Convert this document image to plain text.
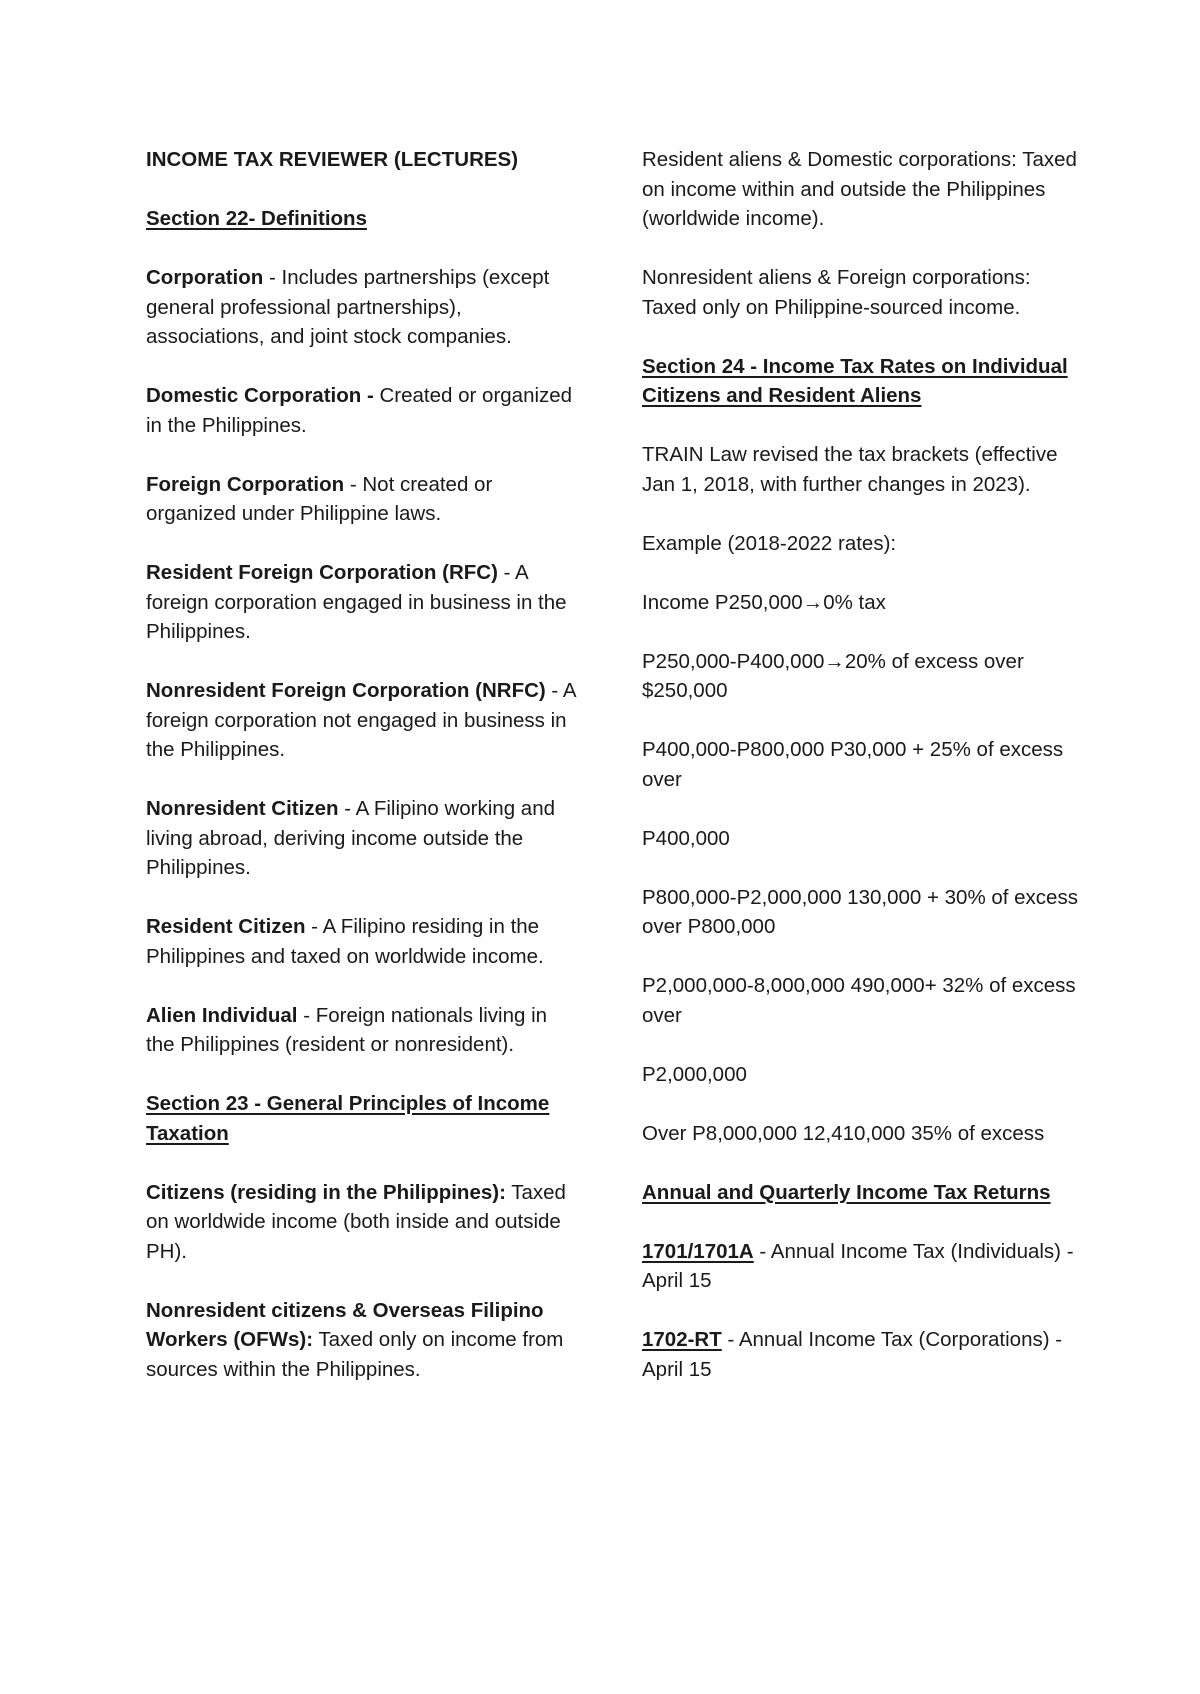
INCOME TAX REVIEWER (LECTURES)
Section 22- Definitions
Corporation - Includes partnerships (except general professional partnerships), associations, and joint stock companies.
Domestic Corporation - Created or organized in the Philippines.
Foreign Corporation - Not created or organized under Philippine laws.
Resident Foreign Corporation (RFC) - A foreign corporation engaged in business in the Philippines.
Nonresident Foreign Corporation (NRFC) - A foreign corporation not engaged in business in the Philippines.
Nonresident Citizen - A Filipino working and living abroad, deriving income outside the Philippines.
Resident Citizen - A Filipino residing in the Philippines and taxed on worldwide income.
Alien Individual - Foreign nationals living in the Philippines (resident or nonresident).
Section 23 - General Principles of Income Taxation
Citizens (residing in the Philippines): Taxed on worldwide income (both inside and outside PH).
Nonresident citizens & Overseas Filipino Workers (OFWs): Taxed only on income from sources within the Philippines.
Resident aliens & Domestic corporations: Taxed on income within and outside the Philippines (worldwide income).
Nonresident aliens & Foreign corporations: Taxed only on Philippine-sourced income.
Section 24 - Income Tax Rates on Individual Citizens and Resident Aliens
TRAIN Law revised the tax brackets (effective Jan 1, 2018, with further changes in 2023).
Example (2018-2022 rates):
Income P250,000→0% tax
P250,000-P400,000→20% of excess over $250,000
P400,000-P800,000 P30,000 + 25% of excess over
P400,000
P800,000-P2,000,000 130,000 + 30% of excess over P800,000
P2,000,000-8,000,000 490,000+ 32% of excess over
P2,000,000
Over P8,000,000 12,410,000 35% of excess
Annual and Quarterly Income Tax Returns
1701/1701A - Annual Income Tax (Individuals) - April 15
1702-RT - Annual Income Tax (Corporations) - April 15
